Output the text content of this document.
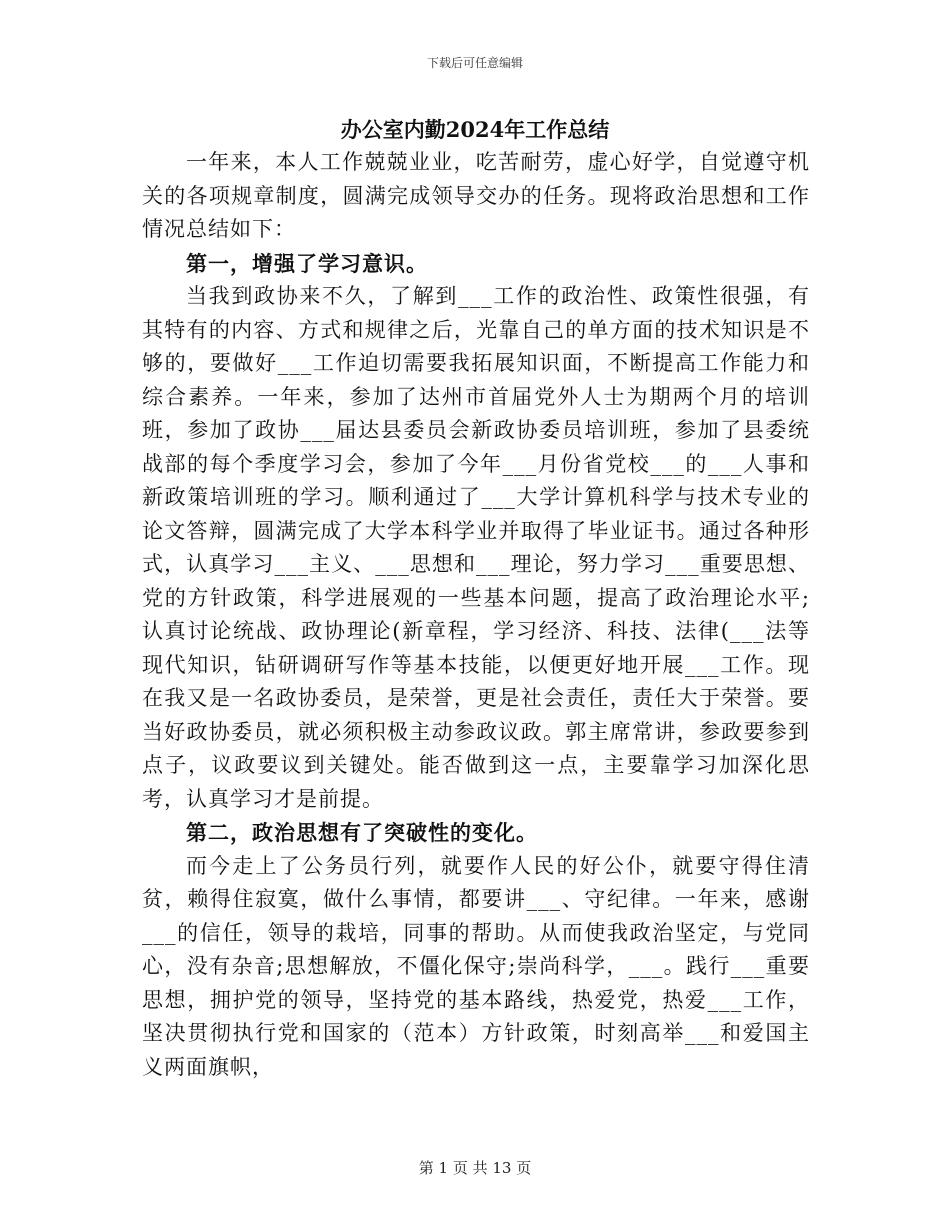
下载后可任意编辑
办公室内勤2024年工作总结

一年来，本人工作兢兢业业，吃苦耐劳，虚心好学，自觉遵守机关的各项规章制度，圆满完成领导交办的任务。现将政治思想和工作情况总结如下：

第一，增强了学习意识。

当我到政协来不久，了解到___工作的政治性、政策性很强，有其特有的内容、方式和规律之后，光靠自己的单方面的技术知识是不够的，要做好___工作迫切需要我拓展知识面，不断提高工作能力和综合素养。一年来，参加了达州市首届党外人士为期两个月的培训班，参加了政协___届达县委员会新政协委员培训班，参加了县委统战部的每个季度学习会，参加了今年___月份省党校___的___人事和新政策培训班的学习。顺利通过了___大学计算机科学与技术专业的论文答辩，圆满完成了大学本科学业并取得了毕业证书。通过各种形式，认真学习___主义、___思想和___理论，努力学习___重要思想、党的方针政策，科学进展观的一些基本问题，提高了政治理论水平;认真讨论统战、政协理论(新章程，学习经济、科技、法律(___法等现代知识，钻研调研写作等基本技能，以便更好地开展___工作。现在我又是一名政协委员，是荣誉，更是社会责任，责任大于荣誉。要当好政协委员，就必须积极主动参政议政。郭主席常讲，参政要参到点子，议政要议到关键处。能否做到这一点，主要靠学习加深化思考，认真学习才是前提。

第二，政治思想有了突破性的变化。

而今走上了公务员行列，就要作人民的好公仆，就要守得住清贫，赖得住寂寞，做什么事情，都要讲___、守纪律。一年来，感谢___的信任，领导的栽培，同事的帮助。从而使我政治坚定，与党同心，没有杂音;思想解放，不僵化保守;崇尚科学，___。践行___重要思想，拥护党的领导，坚持党的基本路线，热爱党，热爱___工作，坚决贯彻执行党和国家的（范本）方针政策，时刻高举___和爱国主义两面旗帜，

第 1 页 共 13 页
